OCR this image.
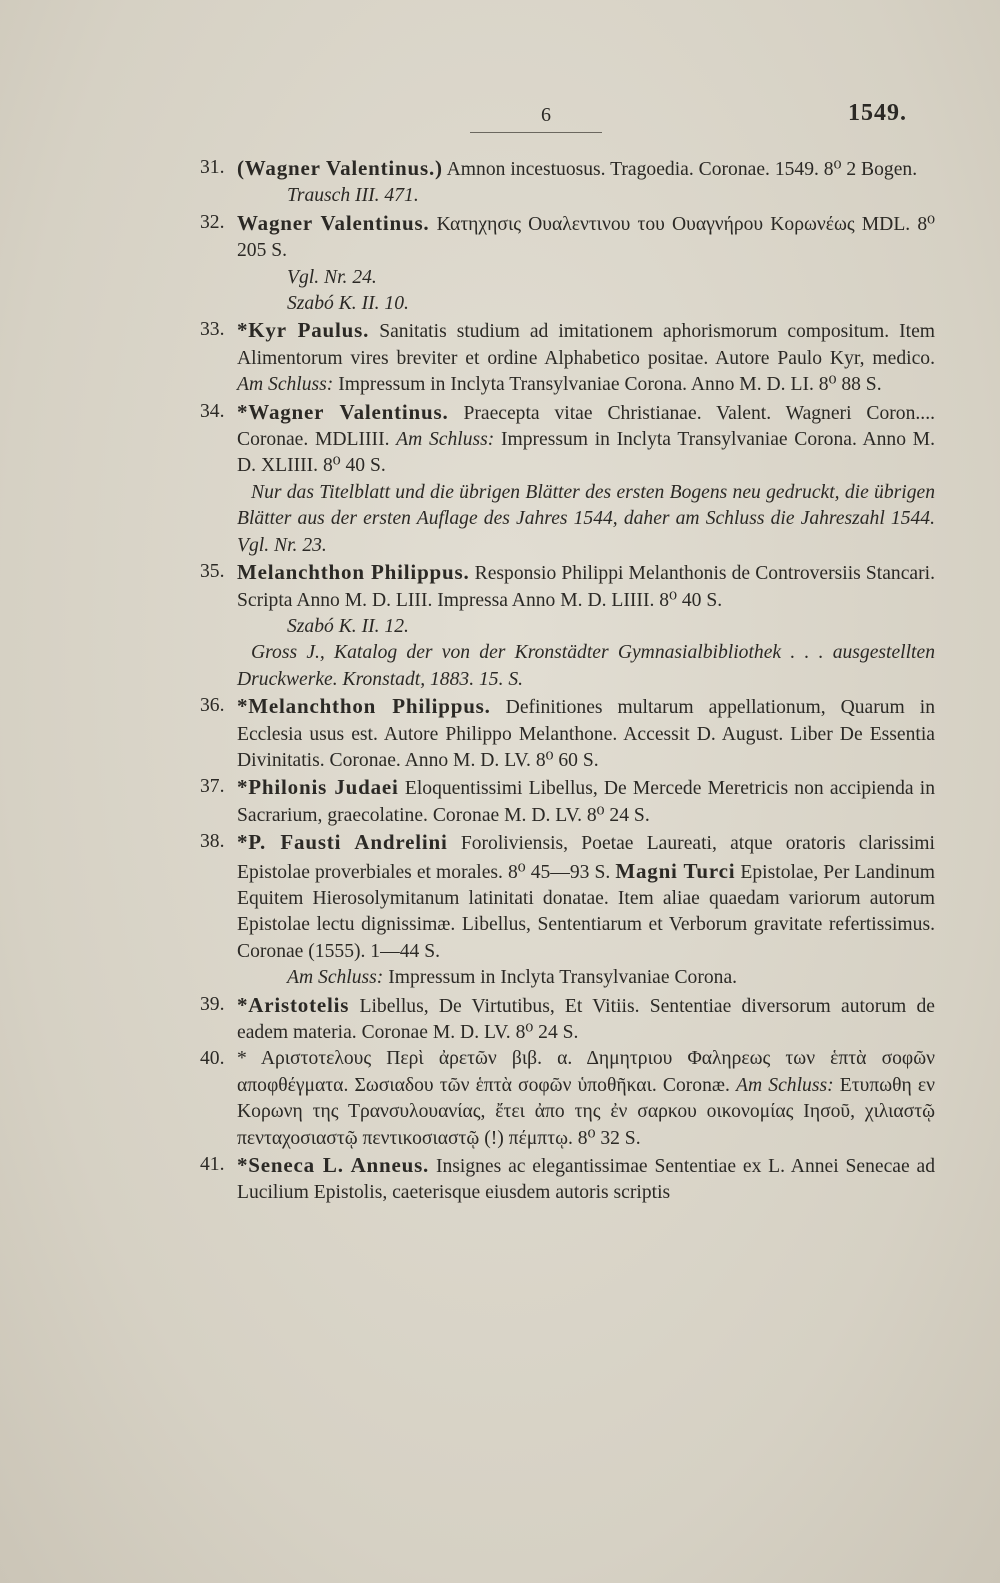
6	1549.
31. (Wagner Valentinus.) Amnon incestuosus. Tragoedia. Coronae. 1549. 8⁰ 2 Bogen.
Trausch III. 471.
32. Wagner Valentinus. Κατηχησις Ουαλεντινου του Ουαγνήρου Κορωνέως MDL. 8⁰ 205 S.
Vgl. Nr. 24.
Szabó K. II. 10.
33. *Kyr Paulus. Sanitatis studium ad imitationem aphorismorum compositum. Item Alimentorum vires breviter et ordine Alphabetico positae. Autore Paulo Kyr, medico. Am Schluss: Impressum in Inclyta Transylvaniae Corona. Anno M. D. LI. 8⁰ 88 S.
34. *Wagner Valentinus. Praecepta vitae Christianae. Valent. Wagneri Coron.... Coronae. MDLIIII. Am Schluss: Impressum in Inclyta Transylvaniae Corona. Anno M. D. XLIIII. 8⁰ 40 S.
Nur das Titelblatt und die übrigen Blätter des ersten Bogens neu gedruckt, die übrigen Blätter aus der ersten Auflage des Jahres 1544, daher am Schluss die Jahreszahl 1544. Vgl. Nr. 23.
35. Melanchthon Philippus. Responsio Philippi Melanthonis de Controversiis Stancari. Scripta Anno M. D. LIII. Impressa Anno M. D. LIIII. 8⁰ 40 S.
Szabó K. II. 12.
Gross J., Katalog der von der Kronstädter Gymnasialbibliothek . . . ausgestellten Druckwerke. Kronstadt, 1883. 15. S.
36. *Melanchthon Philippus. Definitiones multarum appellationum, Quarum in Ecclesia usus est. Autore Philippo Melanthone. Accessit D. August. Liber De Essentia Divinitatis. Coronae. Anno M. D. LV. 8⁰ 60 S.
37. *Philonis Judaei Eloquentissimi Libellus, De Mercede Meretricis non accipienda in Sacrarium, graecolatine. Coronae M. D. LV. 8⁰ 24 S.
38. *P. Fausti Andrelini Foroliviensis, Poetae Laureati, atque oratoris clarissimi Epistolae proverbiales et morales. 8⁰ 45—93 S. Magni Turci Epistolae, Per Landinum Equitem Hierosolymitanum latinitati donatae. Item aliae quaedam variorum autorum Epistolae lectu dignissimæ. Libellus, Sententiarum et Verborum gravitate refertissimus. Coronae (1555). 1—44 S.
Am Schluss: Impressum in Inclyta Transylvaniae Corona.
39. *Aristotelis Libellus, De Virtutibus, Et Vitiis. Sententiae diversorum autorum de eadem materia. Coronae M. D. LV. 8⁰ 24 S.
40. * Αριστοτελους Περὶ ἀρετῶν βιβ. α. Δημητριου Φαληρεως των ἑπτὰ σοφῶν αποφθέγματα. Σωσιαδου τῶν ἑπτὰ σοφῶν ὑποθῆκαι. Coronæ. Am Schluss: Ετυπωθη εν Κορωνη της Τρανσυλουανίας, ἔτει ἀπο της ἐν σαρκου οικονομίας Ιησοῦ, χιλιαστῷ πενταχοσιαστῷ πεντικοσιαστῷ (!) πέμπτῳ. 8⁰ 32 S.
41. *Seneca L. Anneus. Insignes ac elegantissimae Sententiae ex L. Annei Senecae ad Lucilium Epistolis, caeterisque eiusdem autoris scriptis
